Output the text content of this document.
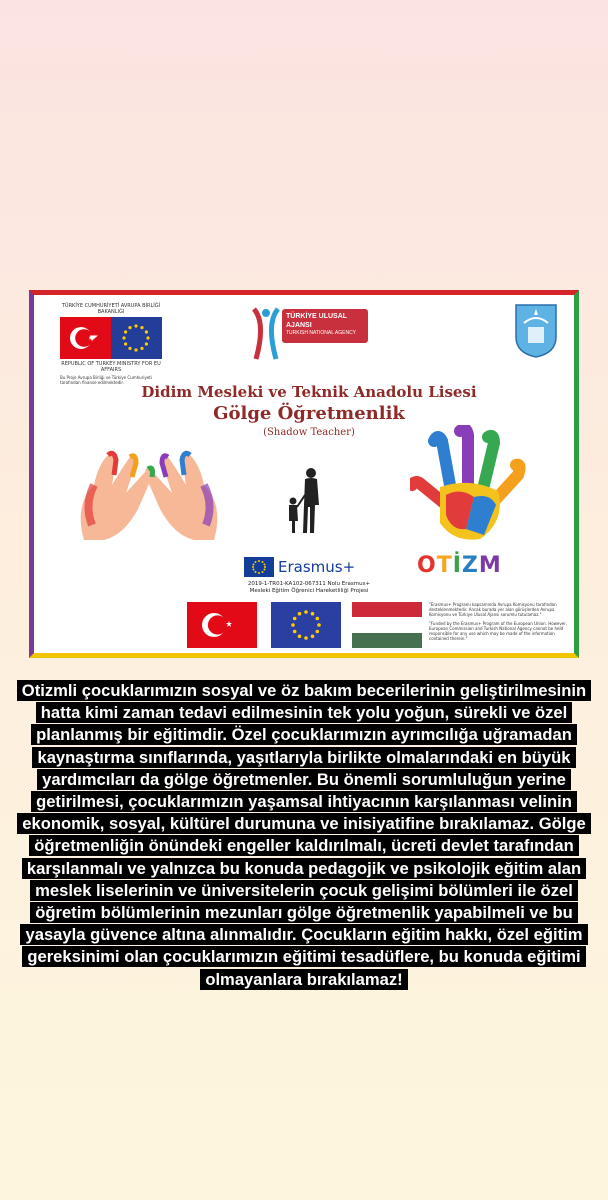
TÜRKİYE CUMHURİYETİ AVRUPA BİRLİĞİ BAKANLIĞI
REPUBLIC OF TURKEY MINISTRY FOR EU AFFAIRS
Bu Proje Avrupa Birliği ve Türkiye Cumhuriyeti tarafından finanse edilmektedir.
TÜRKİYE ULUSAL AJANSI
TURKISH NATIONAL AGENCY
Didim Mesleki ve Teknik Anadolu Lisesi
Gölge Öğretmenlik
(Shadow Teacher)
OTİZM
Erasmus+
2019-1-TR01-KA102-067311 Nolu Erasmus+
Mesleki Eğitim Öğrenici Hareketliliği Projesi
"Erasmus+ Programı kapsamında Avrupa Komisyonu tarafından desteklenmektedir. Ancak burada yer alan görüşlerden Avrupa Komisyonu ve Türkiye Ulusal Ajansı sorumlu tutulamaz."
"Funded by the Erasmus+ Program of the European Union. However, European Commission and Turkish National Agency cannot be held responsible for any use which may be made of the information contained therein."

Otizmli çocuklarımızın sosyal ve öz bakım becerilerinin geliştirilmesinin hatta kimi zaman tedavi edilmesinin tek yolu yoğun, sürekli ve özel planlanmış bir eğitimdir. Özel çocuklarımızın ayrımcılığa uğramadan kaynaştırma sınıflarında, yaşıtlarıyla birlikte olmalarındaki en büyük yardımcıları da gölge öğretmenler. Bu önemli sorumluluğun yerine getirilmesi, çocuklarımızın yaşamsal ihtiyacının karşılanması velinin ekonomik, sosyal, kültürel durumuna ve inisiyatifine bırakılamaz. Gölge öğretmenliğin önündeki engeller kaldırılmalı, ücreti devlet tarafından karşılanmalı ve yalnızca bu konuda pedagojik ve psikolojik eğitim alan meslek liselerinin ve üniversitelerin çocuk gelişimi bölümleri ile özel öğretim bölümlerinin mezunları gölge öğretmenlik yapabilmeli ve bu yasayla güvence altına alınmalıdır. Çocukların eğitim hakkı, özel eğitim gereksinimi olan çocuklarımızın eğitimi tesadüflere, bu konuda eğitimi olmayanlara bırakılamaz!
